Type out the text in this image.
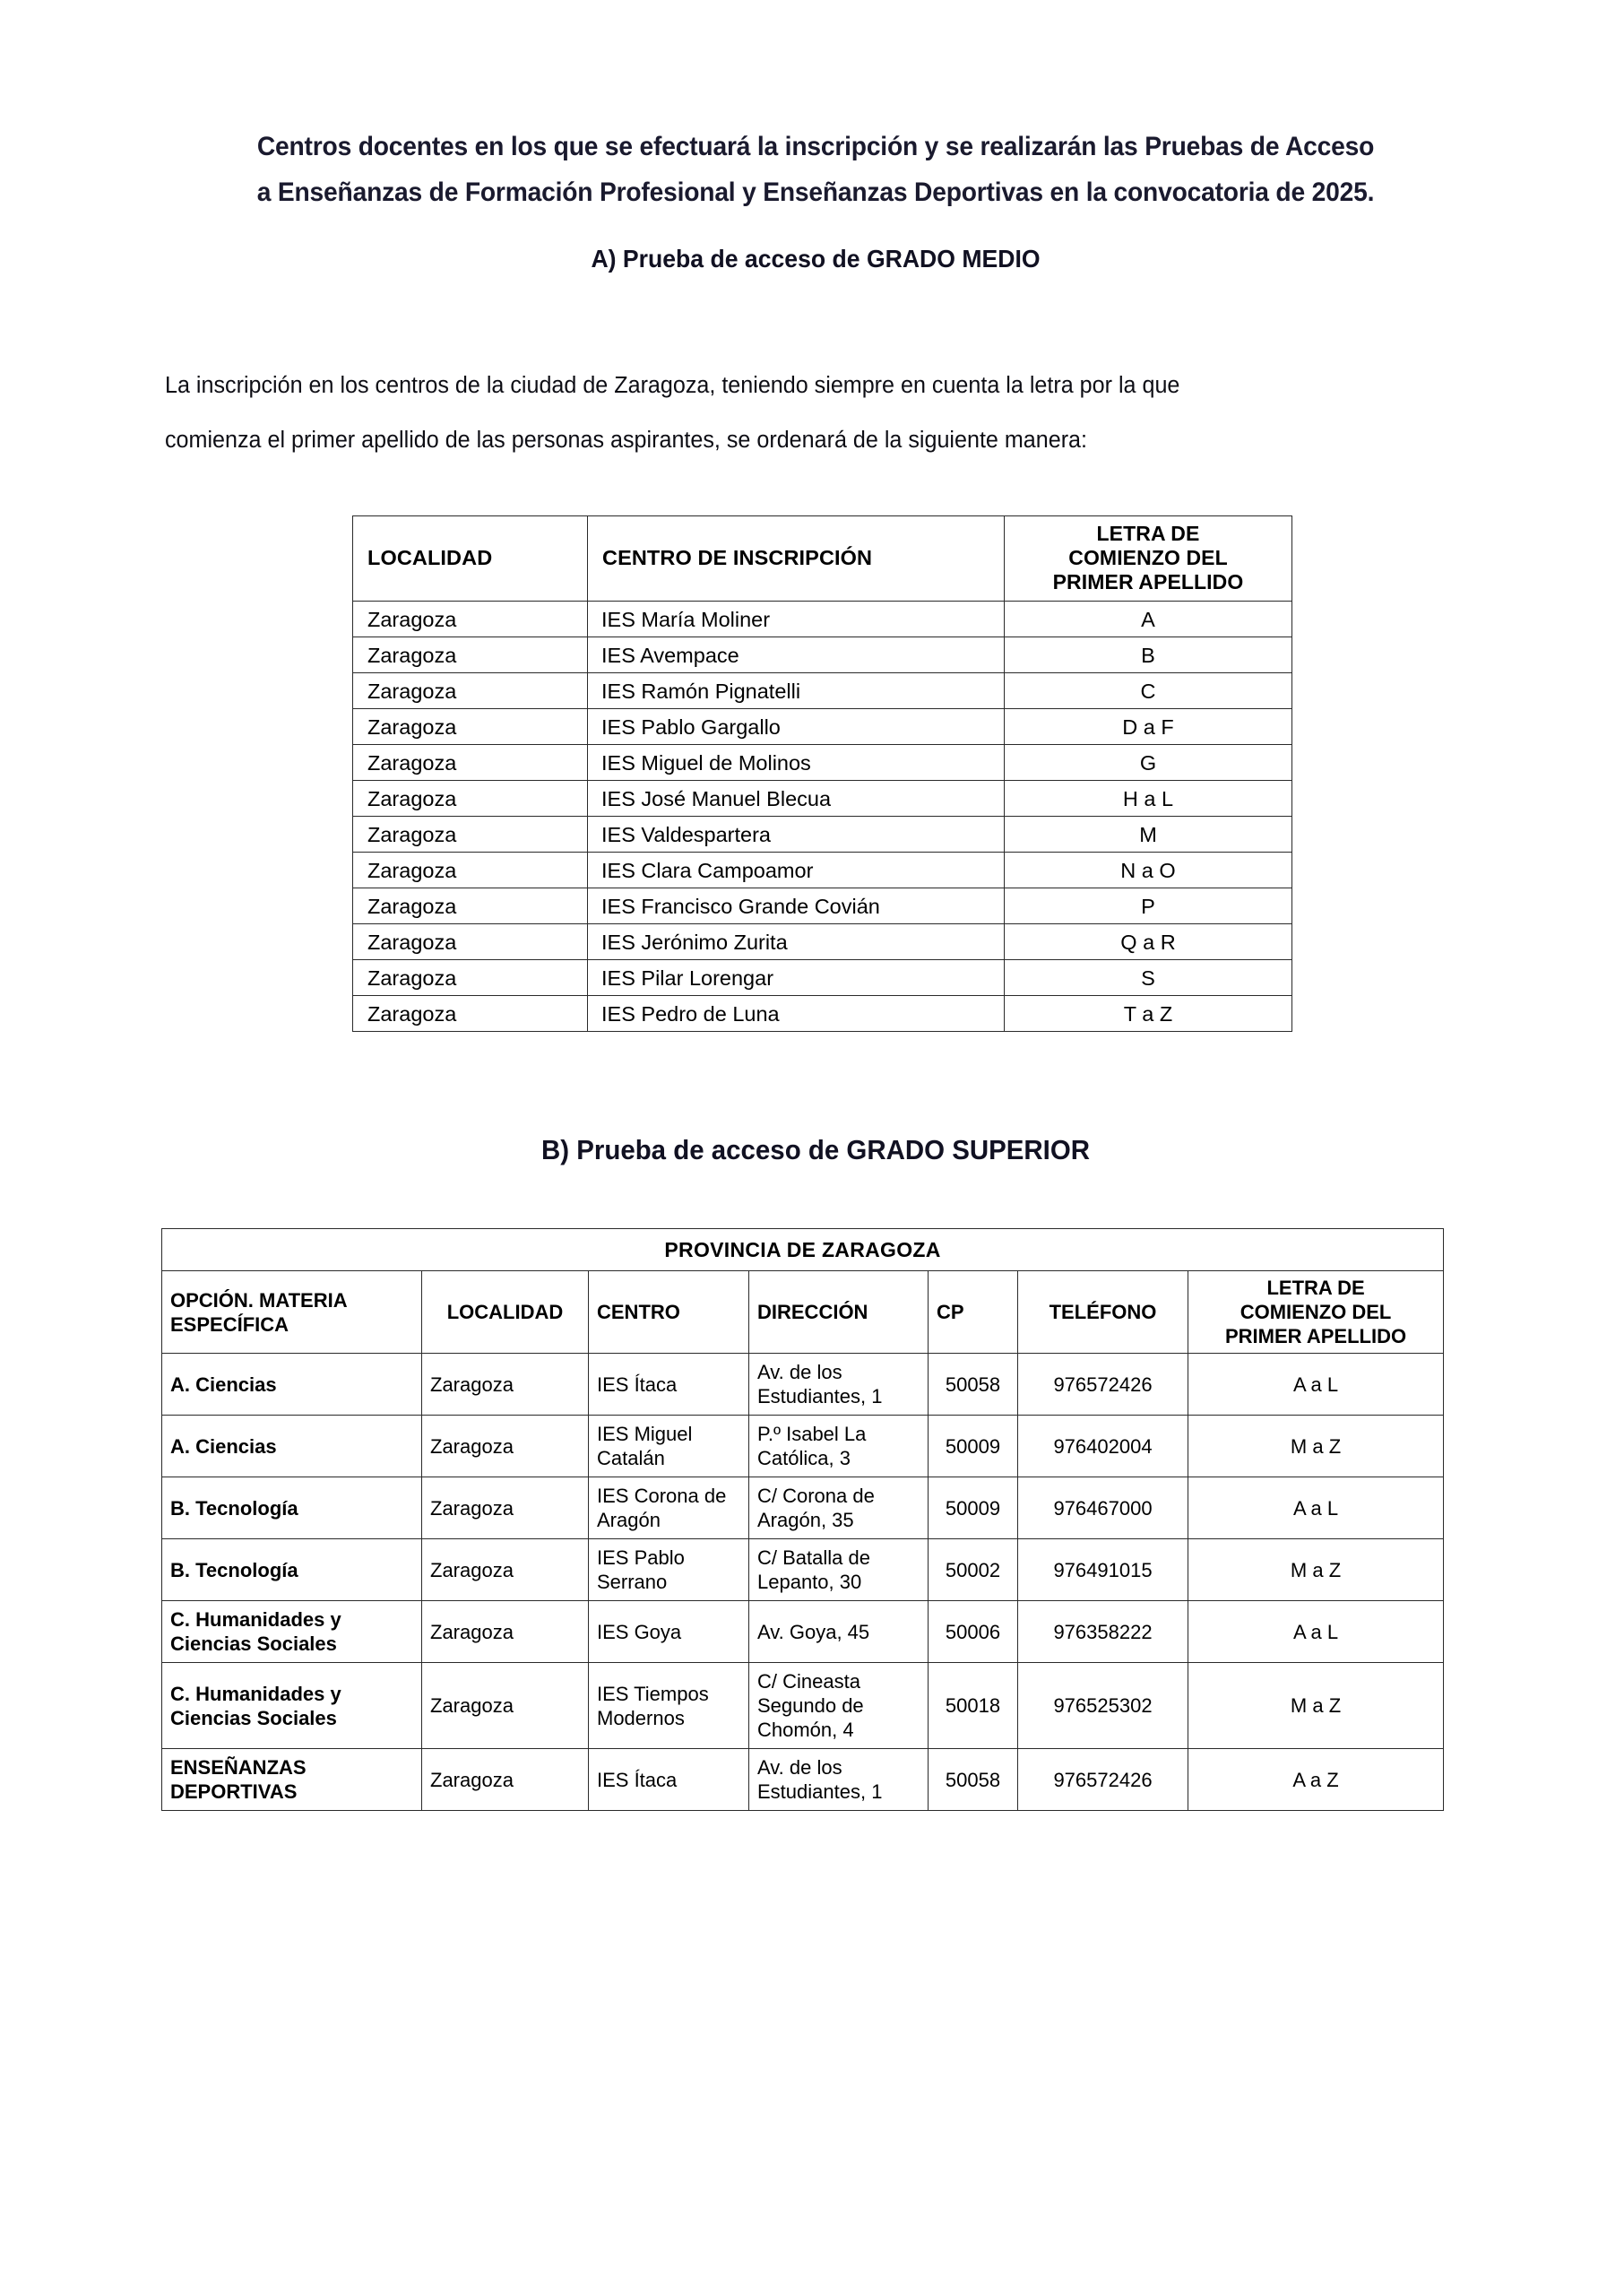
Centros docentes en los que se efectuará la inscripción y se realizarán las Pruebas de Acceso
a Enseñanzas de Formación Profesional y Enseñanzas Deportivas en la convocatoria de 2025.
A) Prueba de acceso de GRADO MEDIO
La inscripción en los centros de la ciudad de Zaragoza, teniendo siempre en cuenta la letra por la que
comienza el primer apellido de las personas aspirantes, se ordenará de la siguiente manera:
LOCALIDAD	CENTRO DE INSCRIPCIÓN	LETRA DE
COMIENZO DEL
PRIMER APELLIDO

Zaragoza	IES María Moliner	A
Zaragoza	IES Avempace	B
Zaragoza	IES Ramón Pignatelli	C
Zaragoza	IES Pablo Gargallo	D a F
Zaragoza	IES Miguel de Molinos	G
Zaragoza	IES José Manuel Blecua	H a L
Zaragoza	IES Valdespartera	M
Zaragoza	IES Clara Campoamor	N a O
Zaragoza	IES Francisco Grande Covián	P
Zaragoza	IES Jerónimo Zurita	Q a R
Zaragoza	IES Pilar Lorengar	S
Zaragoza	IES Pedro de Luna	T a Z
B) Prueba de acceso de GRADO SUPERIOR
PROVINCIA DE ZARAGOZA						
OPCIÓN. MATERIA ESPECÍFICA	LOCALIDAD	CENTRO	DIRECCIÓN	CP	TELÉFONO	LETRA DE
COMIENZO DEL
PRIMER APELLIDO

A. Ciencias	Zaragoza	IES Ítaca	Av. de los Estudiantes, 1	50058	976572426	A a L
A. Ciencias	Zaragoza	IES Miguel Catalán	P.º Isabel La Católica, 3	50009	976402004	M a Z
B. Tecnología	Zaragoza	IES Corona de Aragón	C/ Corona de Aragón, 35	50009	976467000	A a L
B. Tecnología	Zaragoza	IES Pablo Serrano	C/ Batalla de Lepanto, 30	50002	976491015	M a Z
C. Humanidades y Ciencias Sociales	Zaragoza	IES Goya	Av. Goya, 45	50006	976358222	A a L
C. Humanidades y Ciencias Sociales	Zaragoza	IES Tiempos Modernos	C/ Cineasta Segundo de Chomón, 4	50018	976525302	M a Z
ENSEÑANZAS DEPORTIVAS	Zaragoza	IES Ítaca	Av. de los Estudiantes, 1	50058	976572426	A a Z
